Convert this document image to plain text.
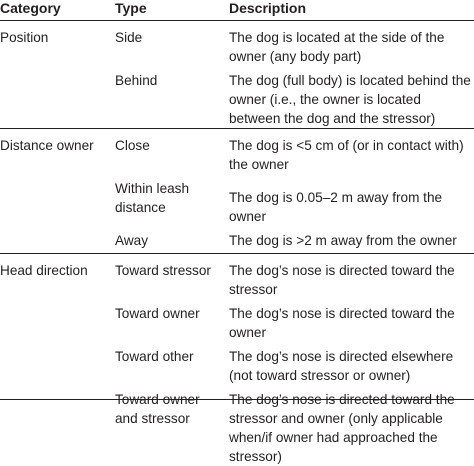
Category	Type	Description
Position	Side	The dog is located at the side of the owner (any body part)
	Behind	The dog (full body) is located behind the owner (i.e., the owner is located between the dog and the stressor)
Distance owner	Close	The dog is <5 cm of (or in contact with) the owner
	Within leash distance	The dog is 0.05–2 m away from the owner
	Away	The dog is >2 m away from the owner
Head direction	Toward stressor	The dog’s nose is directed toward the stressor
	Toward owner	The dog’s nose is directed toward the owner
	Toward other	The dog’s nose is directed elsewhere (not toward stressor or owner)
	Toward owner and stressor	The dog’s nose is directed toward the stressor and owner (only applicable when/if owner had approached the stressor)
